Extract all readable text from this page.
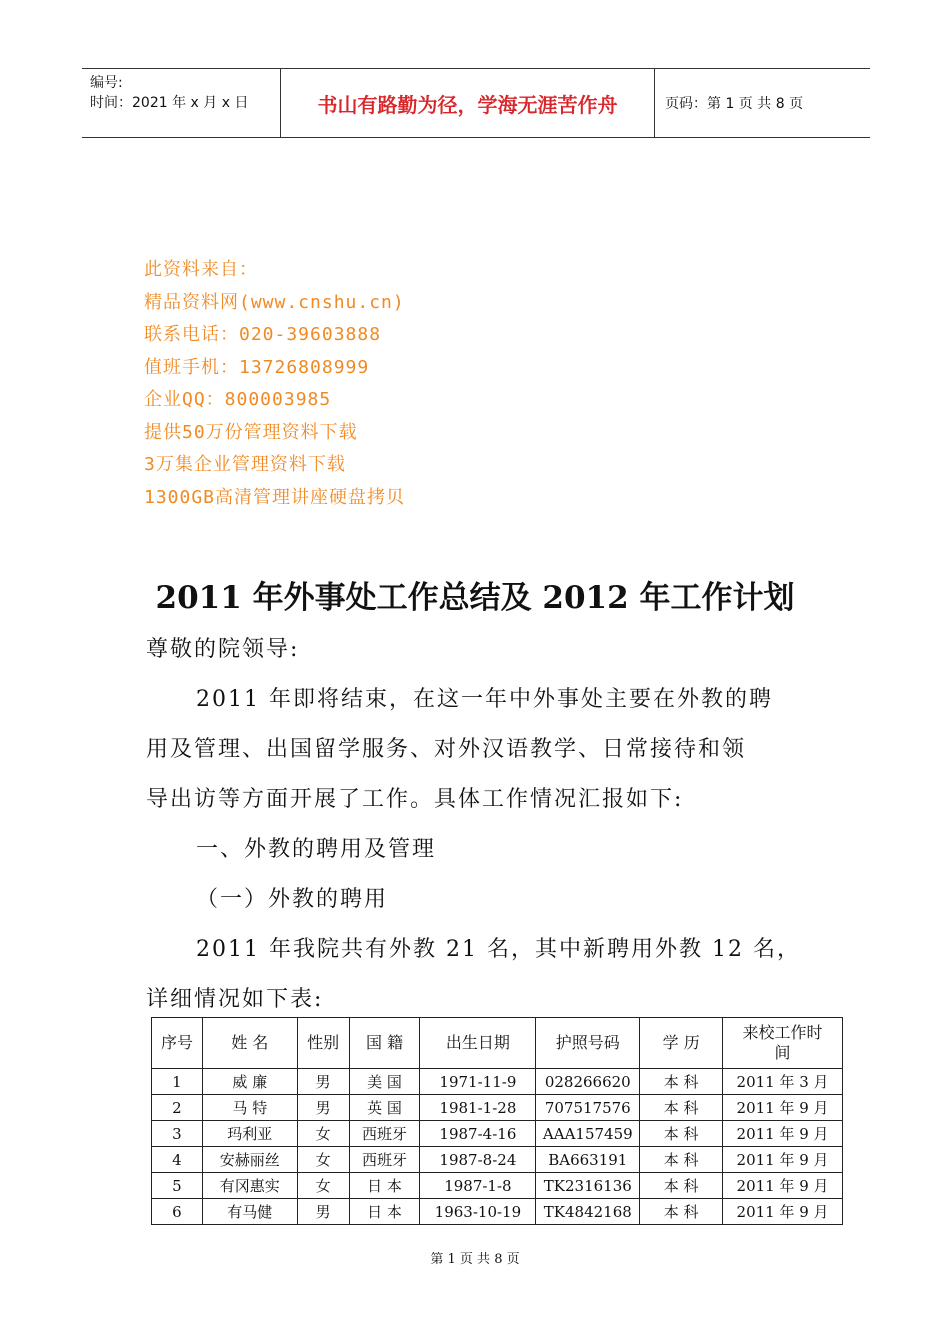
编号:
时间：2021 年 x 月 x 日	书山有路勤为径，学海无涯苦作舟	页码：第 1 页 共 8 页
此资料来自：
精品资料网(www.cnshu.cn)
联系电话：020-39603888
值班手机：13726808999
企业QQ：800003985
提供50万份管理资料下载
3万集企业管理资料下载
1300GB高清管理讲座硬盘拷贝
2011 年外事处工作总结及 2012 年工作计划
尊敬的院领导:
2011 年即将结束，在这一年中外事处主要在外教的聘
用及管理、出国留学服务、对外汉语教学、日常接待和领
导出访等方面开展了工作。具体工作情况汇报如下:
一、外教的聘用及管理
（一）外教的聘用
2011 年我院共有外教 21 名，其中新聘用外教 12 名，
详细情况如下表:
序号	姓 名	性别	国 籍	出生日期	护照号码	学 历	来校工作时间
1	威 廉	男	美 国	1971-11-9	028266620	本 科	2011 年 3 月
2	马 特	男	英 国	1981-1-28	707517576	本 科	2011 年 9 月
3	玛利亚	女	西班牙	1987-4-16	AAA157459	本 科	2011 年 9 月
4	安赫丽丝	女	西班牙	1987-8-24	BA663191	本 科	2011 年 9 月
5	有冈惠实	女	日 本	1987-1-8	TK2316136	本 科	2011 年 9 月
6	有马健	男	日 本	1963-10-19	TK4842168	本 科	2011 年 9 月
第 1 页 共 8 页
